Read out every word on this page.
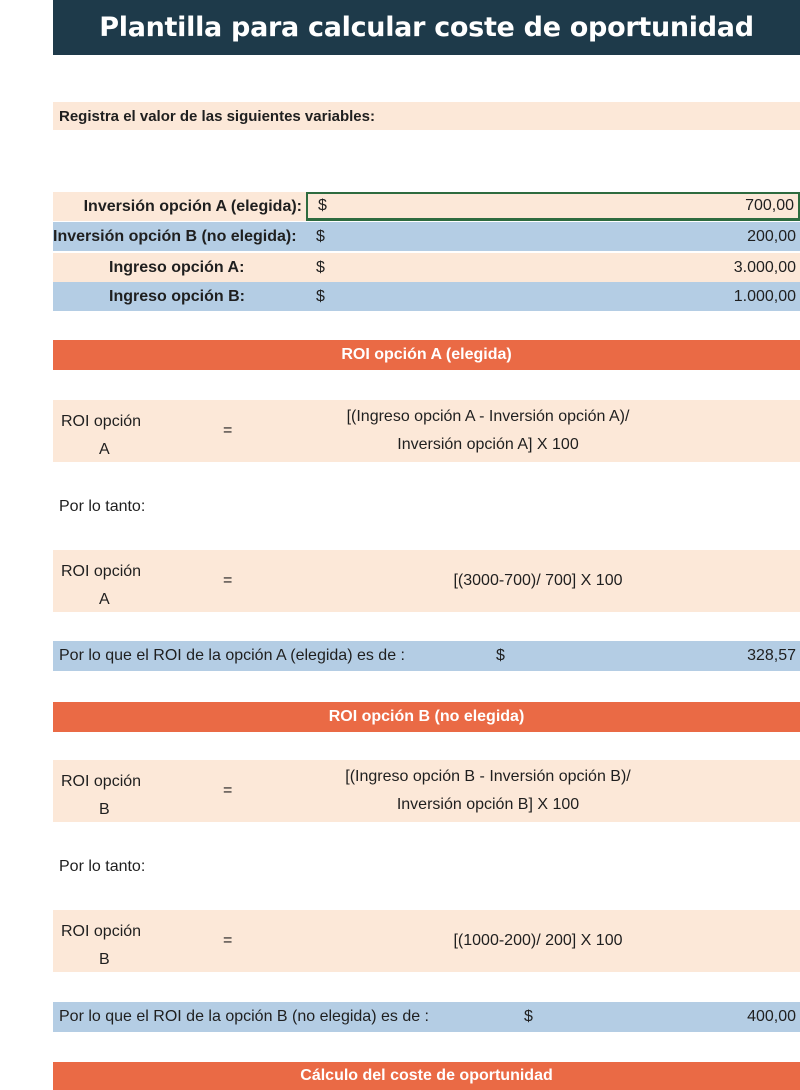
Plantilla para calcular coste de oportunidad
Registra el valor de las siguientes variables:
Inversión opción A (elegida): $	700,00
Inversión opción B (no elegida):	$	200,00
Ingreso opción A:	$	3.000,00
Ingreso opción B:	$	1.000,00
ROI opción A (elegida)
ROI opción
A
=
[(Ingreso opción A - Inversión opción A)/
Inversión opción A] X 100
Por lo tanto:
ROI opción
A
=	[(3000-700)/ 700] X 100
Por lo que el ROI de la opción A (elegida) es de :	$	328,57
ROI opción B (no elegida)
ROI opción
B
=
[(Ingreso opción B - Inversión opción B)/
Inversión opción B] X 100
Por lo tanto:
ROI opción
B
=	[(1000-200)/ 200] X 100
Por lo que el ROI de la opción B (no elegida) es de :	$	400,00
Cálculo del coste de oportunidad
